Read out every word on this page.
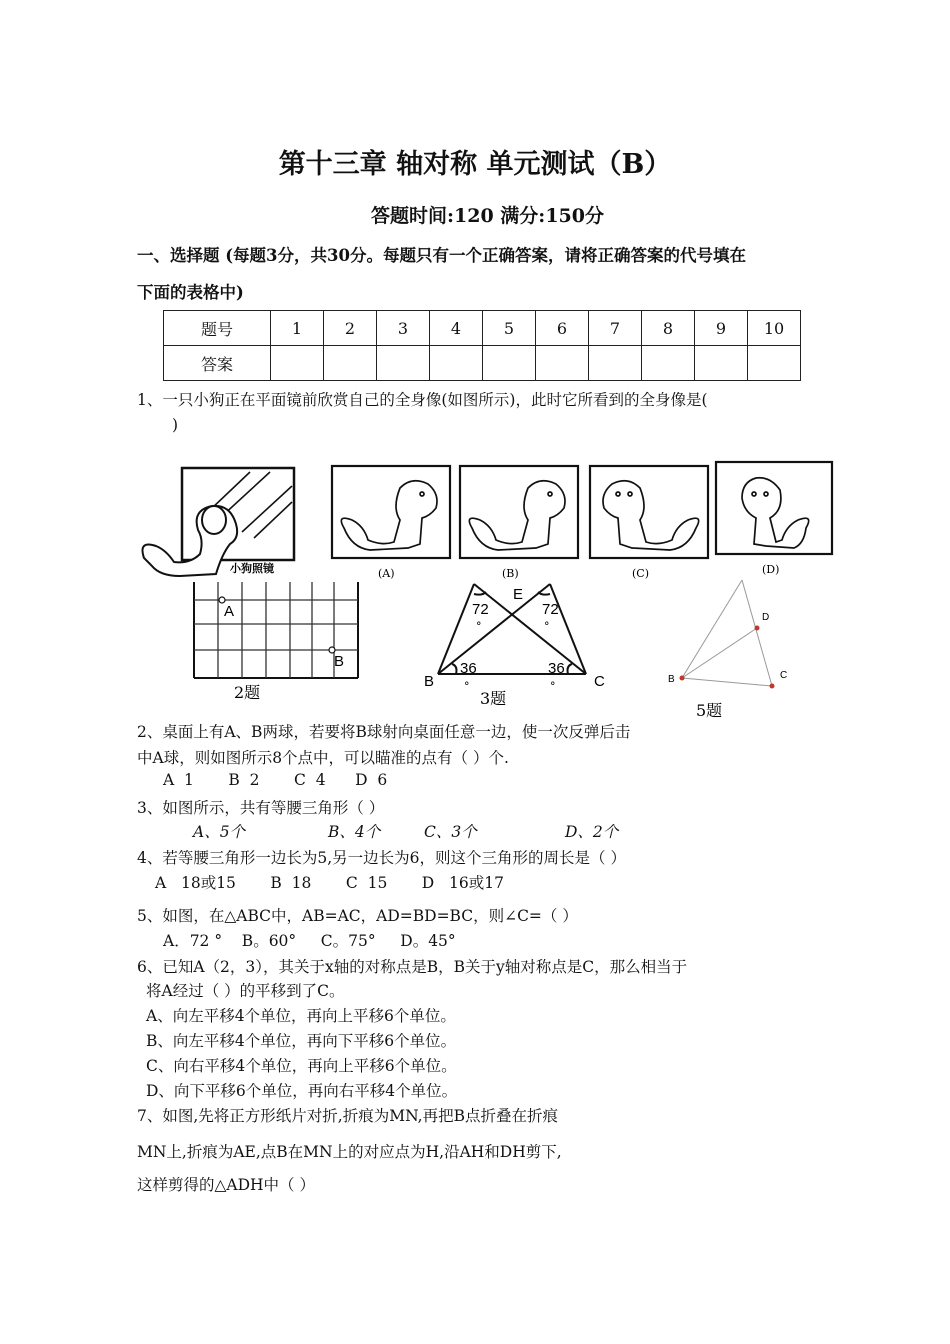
第十三章 轴对称 单元测试（B）
答题时间:120 满分:150分
一、选择题 (每题3分，共30分。每题只有一个正确答案，请将正确答案的代号填在
下面的表格中)
题号	1	2	3	4	5	6	7	8	9	10
答案										
1、一只小狗正在平面镜前欣赏自己的全身像(如图所示)，此时它所看到的全身像是(
)
小狗照镜	(A)	(B)	(C)	(D)
A
B
2题
E
72
°
72
°
36
°
36
°
B	C
3题
B	C
D
5题
2、桌面上有A、B两球，若要将B球射向桌面任意一边，使一次反弹后击
中A球，则如图所示8个点中，可以瞄准的点有（ ）个.
A  1       B  2       C  4      D  6
3、如图所示，共有等腰三角形（ ）
A、5个	B、4个	C、3个	D、2个
4、若等腰三角形一边长为5,另一边长为6，则这个三角形的周长是（ ）
A   18或15       B  18       C  15       D   16或17
5、如图，在△ABC中，AB=AC，AD=BD=BC，则∠C=（ ）
A．72 °    B。60°     C。75°     D。45°
6、已知A（2，3），其关于x轴的对称点是B，B关于y轴对称点是C，那么相当于
将A经过（ ）的平移到了C。
A、向左平移4个单位，再向上平移6个单位。
B、向左平移4个单位，再向下平移6个单位。
C、向右平移4个单位，再向上平移6个单位。
D、向下平移6个单位，再向右平移4个单位。
7、如图,先将正方形纸片对折,折痕为MN,再把B点折叠在折痕
MN上,折痕为AE,点B在MN上的对应点为H,沿AH和DH剪下,
这样剪得的△ADH中（ ）
